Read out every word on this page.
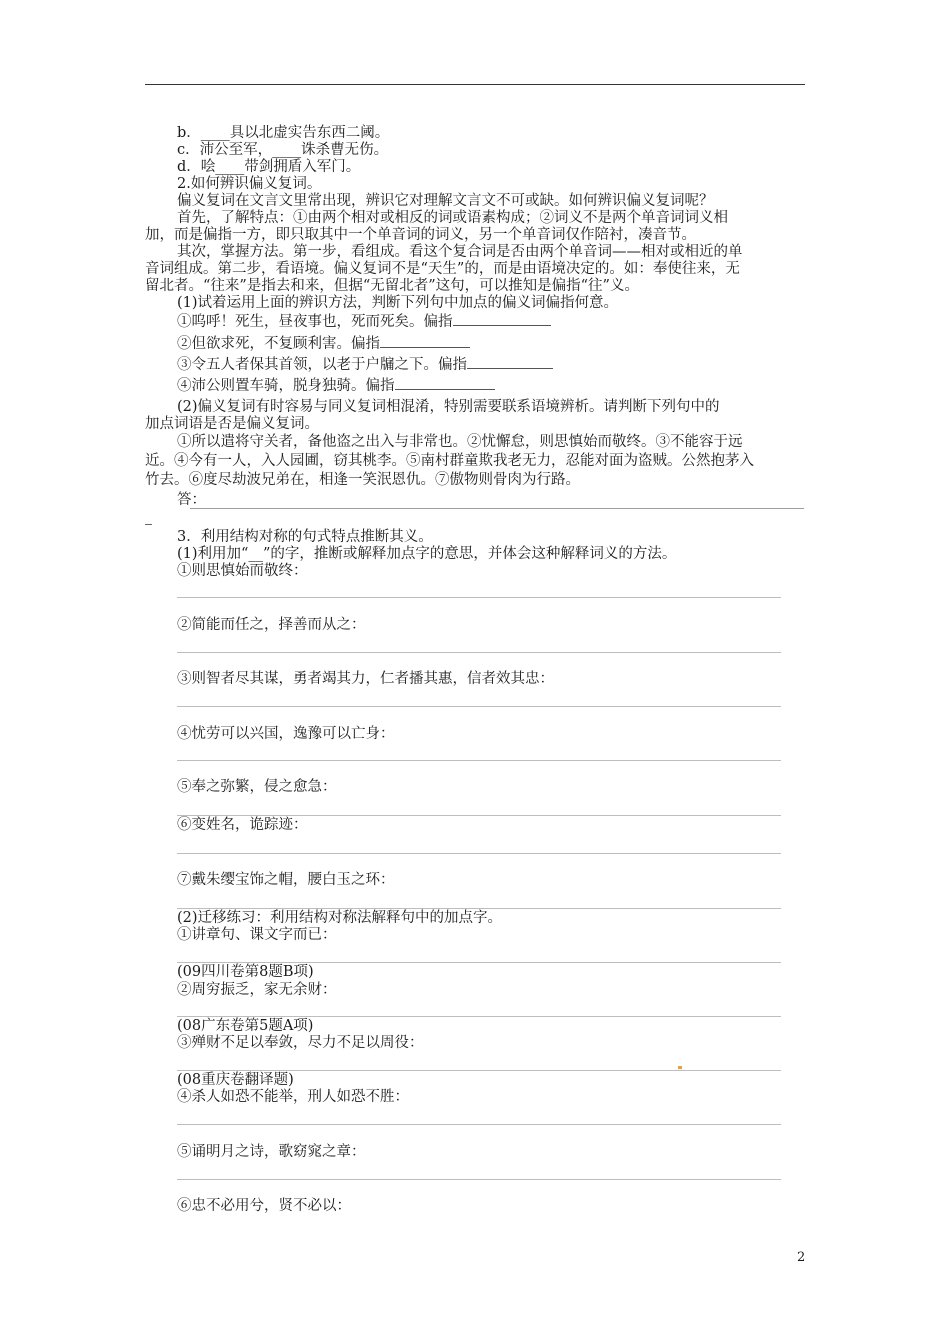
b．____具以北虚实告东西二阈。
c．沛公至军，____诛杀曹无伤。
d．哙____带剑拥盾入军门。
2.如何辨识偏义复词。
偏义复词在文言文里常出现，辨识它对理解文言文不可或缺。如何辨识偏义复词呢？
首先，了解特点：①由两个相对或相反的词或语素构成；②词义不是两个单音词词义相
加，而是偏指一方，即只取其中一个单音词的词义，另一个单音词仅作陪衬，凑音节。
其次，掌握方法。第一步，看组成。看这个复合词是否由两个单音词——相对或相近的单
音词组成。第二步，看语境。偏义复词不是“天生”的，而是由语境决定的。如：奉使往来，无
留北者。“往来”是指去和来，但据“无留北者”这句，可以推知是偏指“往”义。
(1)试着运用上面的辨识方法，判断下列句中加点的偏义词偏指何意。
①呜呼！死生，昼夜事也，死而死矣。偏指
②但欲求死，不复顾利害。偏指
③令五人者保其首领，以老于户牖之下。偏指
④沛公则置车骑，脱身独骑。偏指
(2)偏义复词有时容易与同义复词相混淆，特别需要联系语境辨析。请判断下列句中的
加点词语是否是偏义复词。
①所以遣将守关者，备他盗之出入与非常也。②忧懈怠，则思慎始而敬终。③不能容于远
近。④今有一人，入人园圃，窃其桃李。⑤南村群童欺我老无力，忍能对面为盗贼。公然抱茅入
竹去。⑥度尽劫波兄弟在，相逢一笑泯恩仇。⑦傲物则骨肉为行路。
答：
3．利用结构对称的句式特点推断其义。
(1)利用加“__”的字，推断或解释加点字的意思，并体会这种解释词义的方法。
①则思慎始而敬终：
②简能而任之，择善而从之：
③则智者尽其谋，勇者竭其力，仁者播其惠，信者效其忠：
④忧劳可以兴国，逸豫可以亡身：
⑤奉之弥繁，侵之愈急：
⑥变姓名，诡踪迹：
⑦戴朱缨宝饰之帽，腰白玉之环：
(2)迁移练习：利用结构对称法解释句中的加点字。
①讲章句、课文字而已：
(09四川卷第8题B项)
②周穷振乏，家无余财：
(08广东卷第5题A项)
③殚财不足以奉敛，尽力不足以周役：
(08重庆卷翻译题)
④杀人如恐不能举，刑人如恐不胜：
⑤诵明月之诗，歌窈窕之章：
⑥忠不必用兮，贤不必以：
2
